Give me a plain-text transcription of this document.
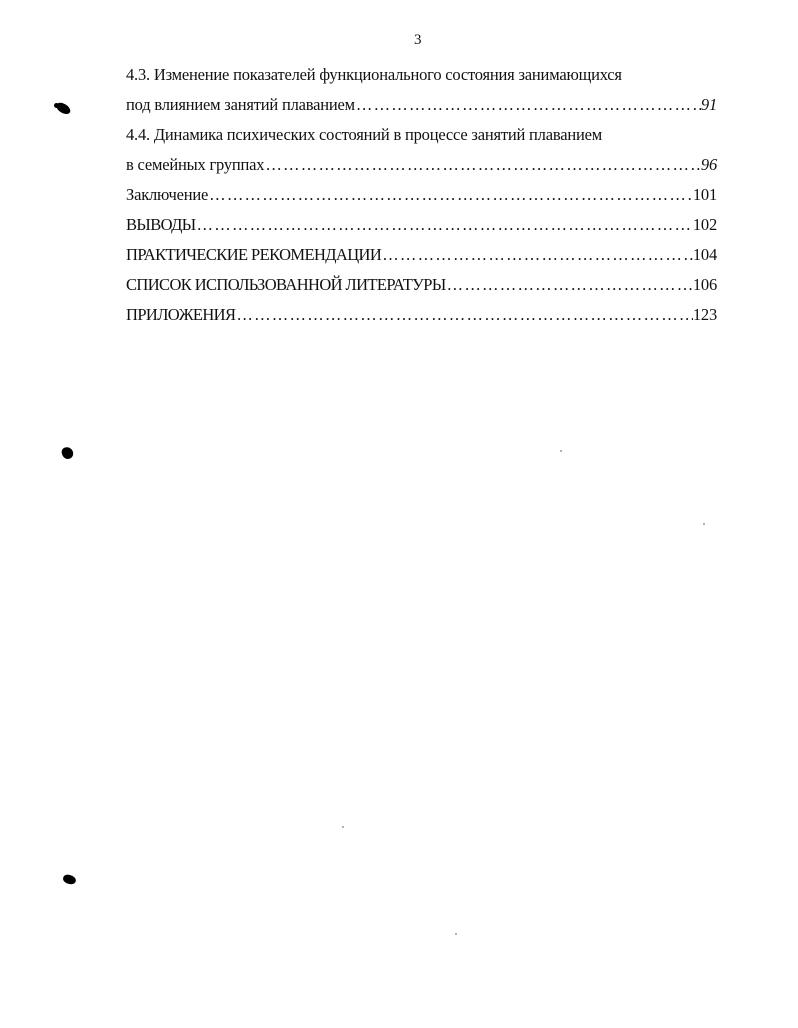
3
4.3. Изменение показателей функционального состояния занимающихся
под влиянием занятий плаванием …………………………………………………………………………………………………………………………………………	91
4.4. Динамика психических состояний в процессе занятий плаванием
в семейных группах …………………………………………………………………………………………………………………………………………	96
Заключение …………………………………………………………………………………………………………………………………………	101
ВЫВОДЫ …………………………………………………………………………………………………………………………………………	102
ПРАКТИЧЕСКИЕ РЕКОМЕНДАЦИИ …………………………………………………………………………………………………………………………………………	104
СПИСОК ИСПОЛЬЗОВАННОЙ ЛИТЕРАТУРЫ …………………………………………………………………………………………………………………………………………	106
ПРИЛОЖЕНИЯ …………………………………………………………………………………………………………………………………………	123
